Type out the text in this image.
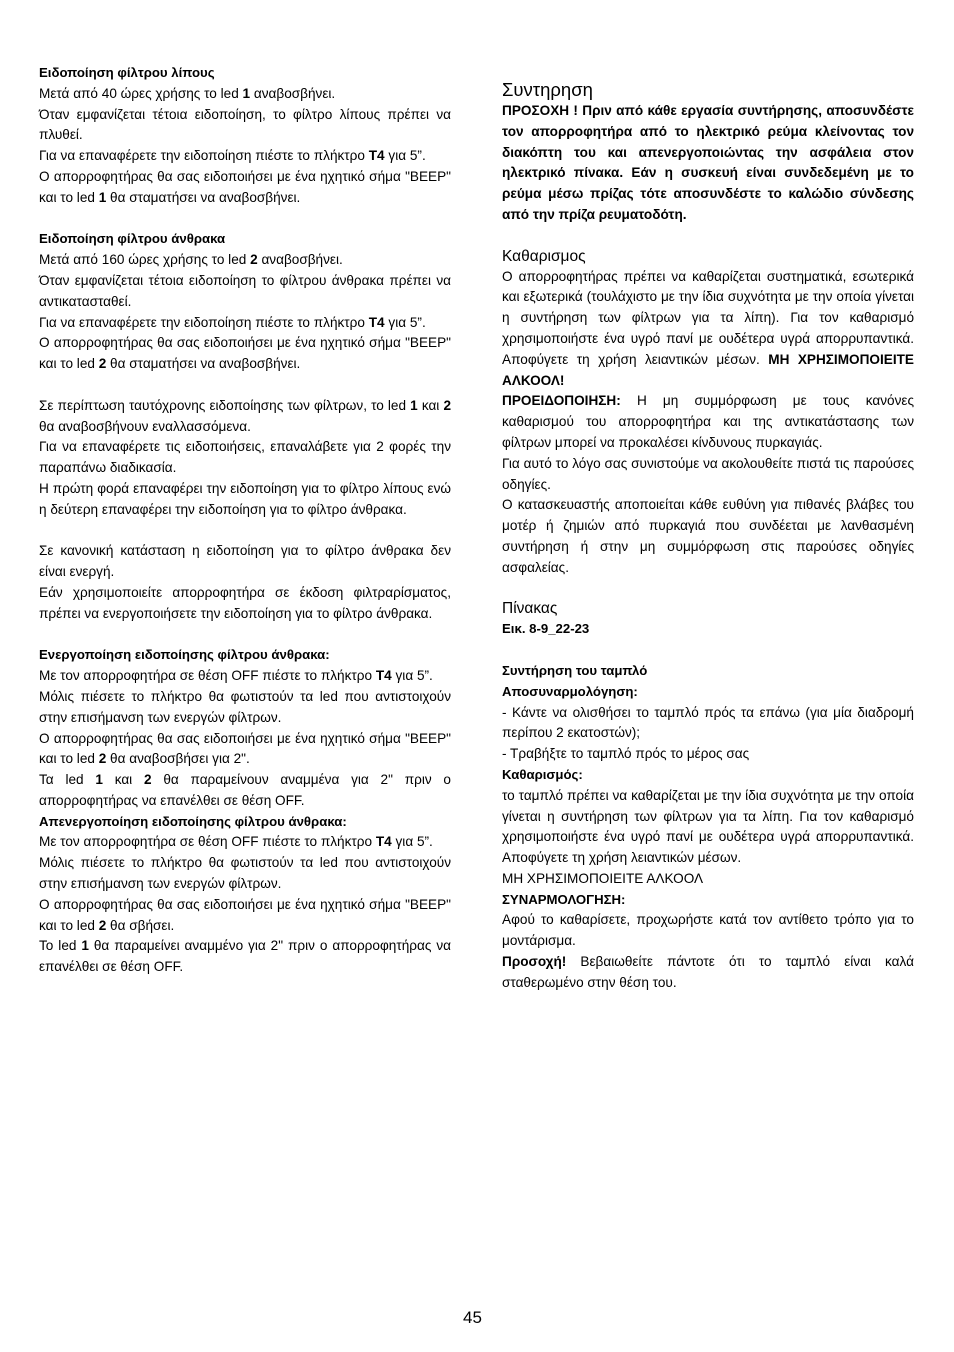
Ειδοποίηση φίλτρου λίπους

Μετά από 40 ώρες χρήσης το led 1 αναβοσβήνει.

Όταν εμφανίζεται τέτοια ειδοποίηση, το φίλτρο λίπους πρέπει να πλυθεί.

Για να επαναφέρετε την ειδοποίηση πιέστε το πλήκτρο T4 για 5”.

Ο απορροφητήρας θα σας ειδοποιήσει με ένα ηχητικό σήμα "BEEP" και το led 1 θα σταματήσει να αναβοσβήνει.

Ειδοποίηση φίλτρου άνθρακα

Μετά από 160 ώρες χρήσης το led 2 αναβοσβήνει.

Όταν εμφανίζεται τέτοια ειδοποίηση το φίλτρου άνθρακα πρέπει να αντικατασταθεί.

Για να επαναφέρετε την ειδοποίηση πιέστε το πλήκτρο T4 για 5”.

Ο απορροφητήρας θα σας ειδοποιήσει με ένα ηχητικό σήμα "BEEP" και το led 2 θα σταματήσει να αναβοσβήνει.

Σε περίπτωση ταυτόχρονης ειδοποίησης των φίλτρων, το led 1 και 2 θα αναβοσβήνουν εναλλασσόμενα.

Για να επαναφέρετε τις ειδοποιήσεις, επαναλάβετε για 2 φορές την παραπάνω διαδικασία.

Η πρώτη φορά επαναφέρει την ειδοποίηση για το φίλτρο λίπους ενώ η δεύτερη επαναφέρει την ειδοποίηση για το φίλτρο άνθρακα.

Σε κανονική κατάσταση η ειδοποίηση για το φίλτρο άνθρακα δεν είναι ενεργή.

Εάν χρησιμοποιείτε απορροφητήρα σε έκδοση φιλτραρίσματος, πρέπει να ενεργοποιήσετε την ειδοποίηση για το φίλτρο άνθρακα.

Ενεργοποίηση ειδοποίησης φίλτρου άνθρακα:

Με τον απορροφητήρα σε θέση OFF πιέστε το πλήκτρο T4 για 5”.

Μόλις πιέσετε το πλήκτρο θα φωτιστούν τα led που αντιστοιχούν στην επισήμανση των ενεργών φίλτρων.

Ο απορροφητήρας θα σας ειδοποιήσει με ένα ηχητικό σήμα "BEEP" και το led 2 θα αναβοσβήσει για 2".

Τα led 1 και 2 θα παραμείνουν αναμμένα για 2" πριν ο απορροφητήρας να επανέλθει σε θέση OFF.

Απενεργοποίηση ειδοποίησης φίλτρου άνθρακα:

Με τον απορροφητήρα σε θέση OFF πιέστε το πλήκτρο T4 για 5”.

Μόλις πιέσετε το πλήκτρο θα φωτιστούν τα led που αντιστοιχούν στην επισήμανση των ενεργών φίλτρων.

Ο απορροφητήρας θα σας ειδοποιήσει με ένα ηχητικό σήμα "BEEP" και το led 2 θα σβήσει.

Το led 1 θα παραμείνει αναμμένο για 2" πριν ο απορροφητήρας να επανέλθει σε θέση OFF.

Συντηρηση

ΠΡΟΣΟΧΗ ! Πριν από κάθε εργασία συντήρησης, αποσυνδέστε τον απορροφητήρα από το ηλεκτρικό ρεύμα κλείνοντας τον διακόπτη του και απενεργοποιώντας την ασφάλεια στον ηλεκτρικό πίνακα. Εάν η συσκευή είναι συνδεδεμένη με το ρεύμα μέσω πρίζας τότε αποσυνδέστε το καλώδιο σύνδεσης από την πρίζα ρευματοδότη.

Καθαρισμος

Ο απορροφητήρας πρέπει να καθαρίζεται συστηματικά, εσωτερικά και εξωτερικά (τουλάχιστο με την ίδια συχνότητα με την οποία γίνεται η συντήρηση των φίλτρων για τα λίπη). Για τον καθαρισμό χρησιμοποιήστε ένα υγρό πανί με ουδέτερα υγρά απορρυπαντικά. Αποφύγετε τη χρήση λειαντικών μέσων. ΜΗ ΧΡΗΣΙΜΟΠΟΙΕΙΤΕ ΑΛΚΟΟΛ!

ΠΡΟΕΙΔΟΠΟΙΗΣΗ: Η μη συμμόρφωση με τους κανόνες καθαρισμού του απορροφητήρα και της αντικατάστασης των φίλτρων μπορεί να προκαλέσει κίνδυνους πυρκαγιάς.

Για αυτό το λόγο σας συνιστούμε να ακολουθείτε πιστά τις παρούσες οδηγίες.

Ο κατασκευαστής αποποιείται κάθε ευθύνη για πιθανές βλάβες του μοτέρ ή ζημιών από πυρκαγιά που συνδέεται με λανθασμένη συντήρηση ή στην μη συμμόρφωση στις παρούσες οδηγίες ασφαλείας.

Πίνακας

Εικ. 8-9_22-23

Συντήρηση του ταμπλό

Αποσυναρμολόγηση:

- Κάντε να ολισθήσει το ταμπλό πρός τα επάνω (για μία διαδρομή περίπου 2 εκατοστών);

- Τραβήξτε το ταμπλό πρός το μέρος σας

Καθαρισμός:

το ταμπλό πρέπει να καθαρίζεται με την ίδια συχνότητα με την οποία γίνεται η συντήρηση των φίλτρων για τα λίπη. Για τον καθαρισμό χρησιμοποιήστε ένα υγρό πανί με ουδέτερα υγρά απορρυπαντικά. Αποφύγετε τη χρήση λειαντικών μέσων.

ΜΗ ΧΡΗΣΙΜΟΠΟΙΕΙΤΕ ΑΛΚΟΟΛ

ΣΥΝΑΡΜΟΛΟΓΗΣΗ:

Αφού το καθαρίσετε, προχωρήστε κατά τον αντίθετο τρόπο για το μοντάρισμα.

Προσοχή! Βεβαιωθείτε πάντοτε ότι το ταμπλό είναι καλά σταθερωμένο στην θέση του.

45
